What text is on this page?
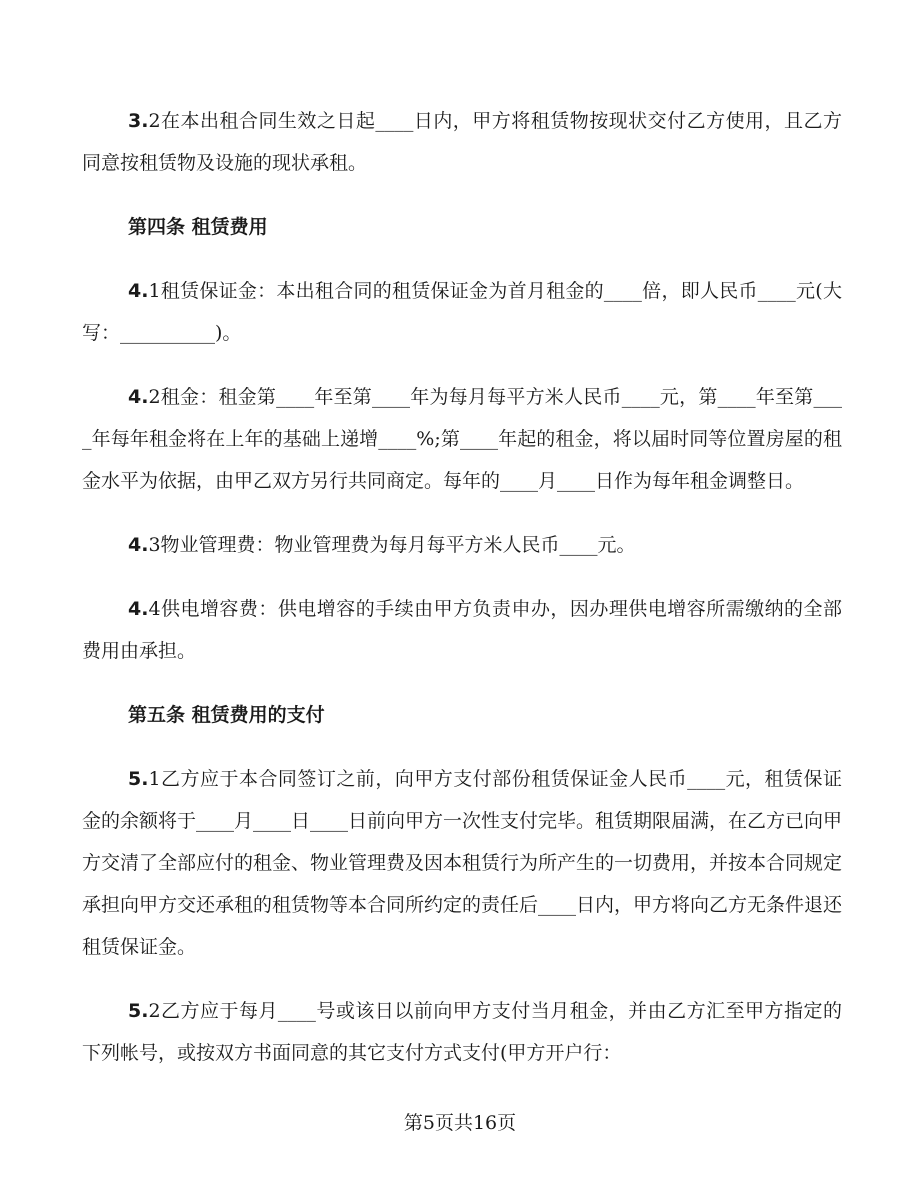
3.2在本出租合同生效之日起____日内，甲方将租赁物按现状交付乙方使用，且乙方同意按租赁物及设施的现状承租。
第四条 租赁费用
4.1租赁保证金：本出租合同的租赁保证金为首月租金的____倍，即人民币____元(大写：__________)。
4.2租金：租金第____年至第____年为每月每平方米人民币____元，第____年至第____年每年租金将在上年的基础上递增____%;第____年起的租金，将以届时同等位置房屋的租金水平为依据，由甲乙双方另行共同商定。每年的____月____日作为每年租金调整日。
4.3物业管理费：物业管理费为每月每平方米人民币____元。
4.4供电增容费：供电增容的手续由甲方负责申办，因办理供电增容所需缴纳的全部费用由承担。
第五条 租赁费用的支付
5.1乙方应于本合同签订之前，向甲方支付部份租赁保证金人民币____元，租赁保证金的余额将于____月____日____日前向甲方一次性支付完毕。租赁期限届满，在乙方已向甲方交清了全部应付的租金、物业管理费及因本租赁行为所产生的一切费用，并按本合同规定承担向甲方交还承租的租赁物等本合同所约定的责任后____日内，甲方将向乙方无条件退还租赁保证金。
5.2乙方应于每月____号或该日以前向甲方支付当月租金，并由乙方汇至甲方指定的下列帐号，或按双方书面同意的其它支付方式支付(甲方开户行：
第5页共16页
